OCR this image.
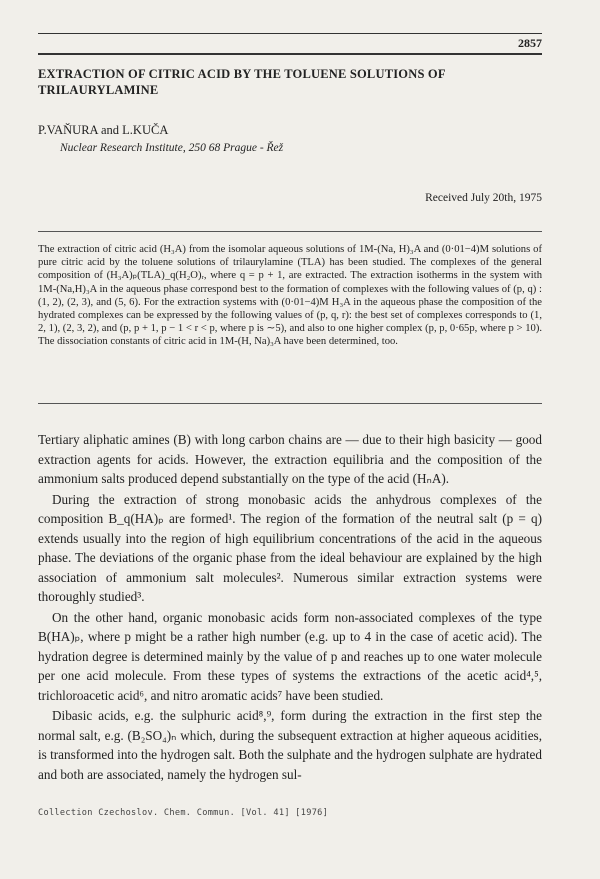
2857
EXTRACTION OF CITRIC ACID BY THE TOLUENE SOLUTIONS OF TRILAURYLAMINE
P.VAŇURA and L.KUČA
Nuclear Research Institute, 250 68 Prague - Řež
Received July 20th, 1975

The extraction of citric acid (H₃A) from the isomolar aqueous solutions of 1M-(Na, H)₃A and (0·01−4)M solutions of pure citric acid by the toluene solutions of trilaurylamine (TLA) has been studied. The complexes of the general composition of (H₃A)ₚ(TLA)_q(H₂O)ᵣ, where q = p + 1, are extracted. The extraction isotherms in the system with 1M-(Na,H)₃A in the aqueous phase correspond best to the formation of complexes with the following values of (p, q) : (1, 2), (2, 3), and (5, 6). For the extraction systems with (0·01−4)M H₃A in the aqueous phase the composition of the hydrated complexes can be expressed by the following values of (p, q, r): the best set of complexes corresponds to (1, 2, 1), (2, 3, 2), and (p, p + 1, p − 1 < r < p, where p is ∼5), and also to one higher complex (p, p, 0·65p, where p > 10). The dissociation constants of citric acid in 1M-(H, Na)₃A have been determined, too.

Tertiary aliphatic amines (B) with long carbon chains are — due to their high basicity — good extraction agents for acids. However, the extraction equilibria and the composition of the ammonium salts produced depend substantially on the type of the acid (HₙA).

During the extraction of strong monobasic acids the anhydrous complexes of the composition B_q(HA)ₚ are formed¹. The region of the formation of the neutral salt (p = q) extends usually into the region of high equilibrium concentrations of the acid in the aqueous phase. The deviations of the organic phase from the ideal behaviour are explained by the high association of ammonium salt molecules². Numerous similar extraction systems were thoroughly studied³.

On the other hand, organic monobasic acids form non-associated complexes of the type B(HA)ₚ, where p might be a rather high number (e.g. up to 4 in the case of acetic acid). The hydration degree is determined mainly by the value of p and reaches up to one water molecule per one acid molecule. From these types of systems the extractions of the acetic acid⁴,⁵, trichloroacetic acid⁶, and nitro aromatic acids⁷ have been studied.

Dibasic acids, e.g. the sulphuric acid⁸,⁹, form during the extraction in the first step the normal salt, e.g. (B₂SO₄)ₙ which, during the subsequent extraction at higher aqueous acidities, is transformed into the hydrogen salt. Both the sulphate and the hydrogen sulphate are hydrated and both are associated, namely the hydrogen sul-

Collection Czechoslov. Chem. Commun. [Vol. 41] [1976]
